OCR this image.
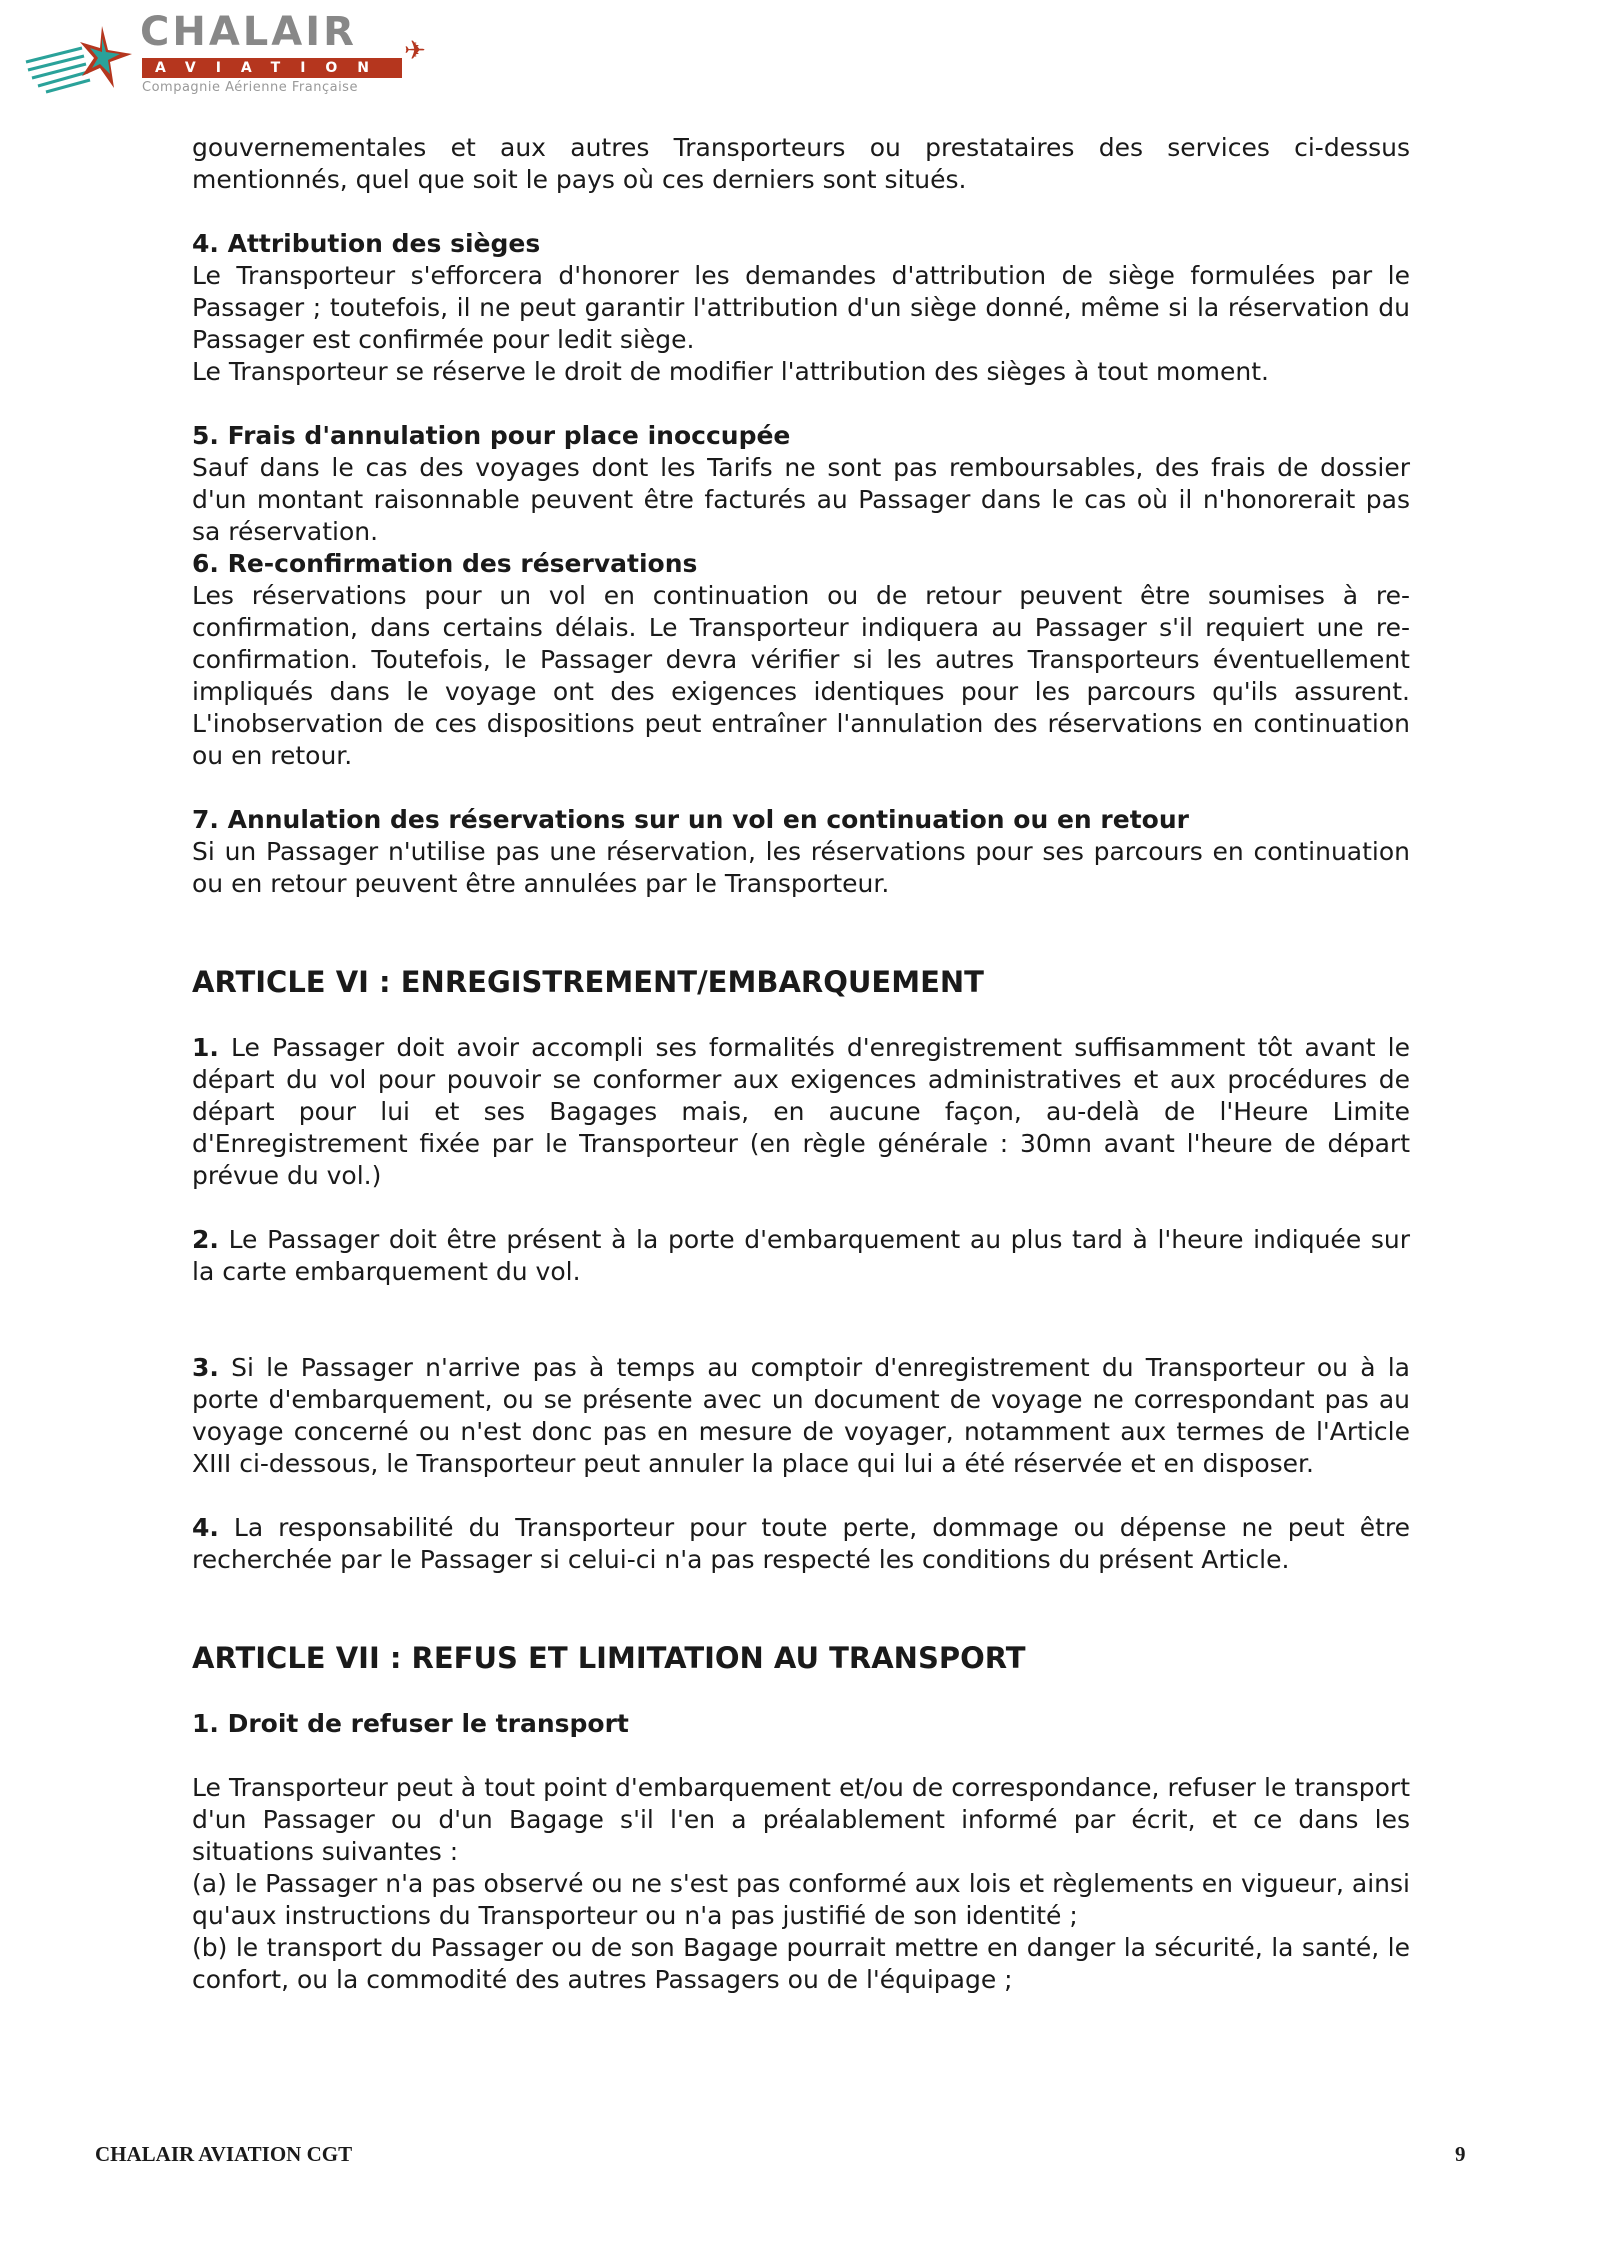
CHALAIR
AVIATION
Compagnie Aérienne Française
✈

gouvernementales et aux autres Transporteurs ou prestataires des services ci-dessus mentionnés, quel que soit le pays où ces derniers sont situés.

4. Attribution des sièges

Le Transporteur s'efforcera d'honorer les demandes d'attribution de siège formulées par le Passager ; toutefois, il ne peut garantir l'attribution d'un siège donné, même si la réservation du Passager est confirmée pour ledit siège.

Le Transporteur se réserve le droit de modifier l'attribution des sièges à tout moment.

5. Frais d'annulation pour place inoccupée

Sauf dans le cas des voyages dont les Tarifs ne sont pas remboursables, des frais de dossier d'un montant raisonnable peuvent être facturés au Passager dans le cas où il n'honorerait pas sa réservation.

6. Re-confirmation des réservations

Les réservations pour un vol en continuation ou de retour peuvent être soumises à re-confirmation, dans certains délais. Le Transporteur indiquera au Passager s'il requiert une re-confirmation. Toutefois, le Passager devra vérifier si les autres Transporteurs éventuellement impliqués dans le voyage ont des exigences identiques pour les parcours qu'ils assurent. L'inobservation de ces dispositions peut entraîner l'annulation des réservations en continuation ou en retour.

7. Annulation des réservations sur un vol en continuation ou en retour

Si un Passager n'utilise pas une réservation, les réservations pour ses parcours en continuation ou en retour peuvent être annulées par le Transporteur.

ARTICLE VI : ENREGISTREMENT/EMBARQUEMENT

1. Le Passager doit avoir accompli ses formalités d'enregistrement suffisamment tôt avant le départ du vol pour pouvoir se conformer aux exigences administratives et aux procédures de départ pour lui et ses Bagages mais, en aucune façon, au-delà de l'Heure Limite d'Enregistrement fixée par le Transporteur (en règle générale : 30mn avant l'heure de départ prévue du vol.)

2. Le Passager doit être présent à la porte d'embarquement au plus tard à l'heure indiquée sur la carte embarquement du vol.

3. Si le Passager n'arrive pas à temps au comptoir d'enregistrement du Transporteur ou à la porte d'embarquement, ou se présente avec un document de voyage ne correspondant pas au voyage concerné ou n'est donc pas en mesure de voyager, notamment aux termes de l'Article XIII ci-dessous, le Transporteur peut annuler la place qui lui a été réservée et en disposer.

4. La responsabilité du Transporteur pour toute perte, dommage ou dépense ne peut être recherchée par le Passager si celui-ci n'a pas respecté les conditions du présent Article.

ARTICLE VII : REFUS ET LIMITATION AU TRANSPORT

1. Droit de refuser le transport

Le Transporteur peut à tout point d'embarquement et/ou de correspondance, refuser le transport d'un Passager ou d'un Bagage s'il l'en a préalablement informé par écrit, et ce dans les situations suivantes :

(a) le Passager n'a pas observé ou ne s'est pas conformé aux lois et règlements en vigueur, ainsi qu'aux instructions du Transporteur ou n'a pas justifié de son identité ;

(b) le transport du Passager ou de son Bagage pourrait mettre en danger la sécurité, la santé, le confort, ou la commodité des autres Passagers ou de l'équipage ;

CHALAIR AVIATION CGT	9
